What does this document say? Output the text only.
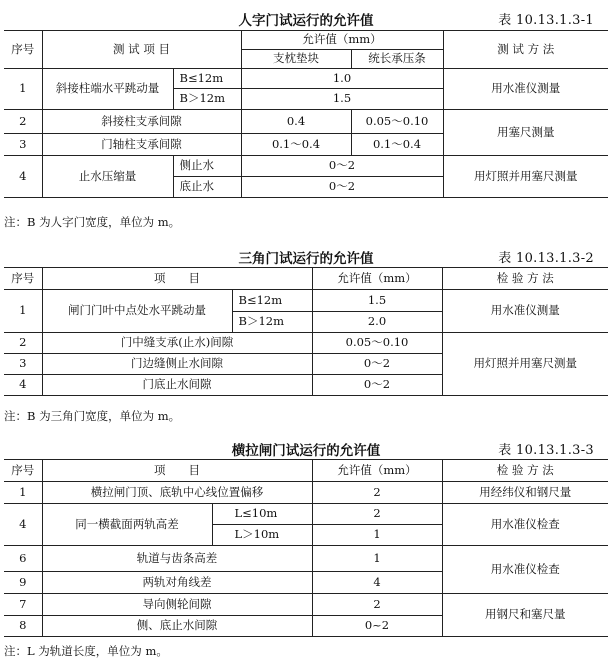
人字门试运行的允许值	表 10.13.1.3-1
序号	测 试 项 目		允许值（mm）		测 试 方 法
			支枕垫块	统长承压条	
1	斜接柱端水平跳动量	B≤12m	1.0		用水准仪测量
		B＞12m	1.5		
2	斜接柱支承间隙		0.4	0.05～0.10	用塞尺测量
3	门轴柱支承间隙		0.1～0.4	0.1～0.4	
4	止水压缩量	侧止水	0～2		用灯照并用塞尺测量
		底止水	0～2		
注：B 为人字门宽度，单位为 m。
三角门试运行的允许值	表 10.13.1.3-2
序号	项　　目		允许值（mm）	检 验 方 法
1	闸门门叶中点处水平跳动量	B≤12m	1.5	用水准仪测量
		B＞12m	2.0	
2	门中缝支承(止水)间隙		0.05～0.10	用灯照并用塞尺测量
3	门边缝侧止水间隙		0～2	
4	门底止水间隙		0～2	
注：B 为三角门宽度，单位为 m。
横拉闸门试运行的允许值	表 10.13.1.3-3
序号	项　　目		允许值（mm）	检 验 方 法
1	横拉闸门顶、底轨中心线位置偏移		2	用经纬仪和钢尺量
4	同一横截面两轨高差	L≤10m	2	用水准仪检查
		L＞10m	1	
6	轨道与齿条高差		1	用水准仪检查
9	两轨对角线差		4	
7	导向侧轮间隙		2	用钢尺和塞尺量
8	侧、底止水间隙		0~2	
注：L 为轨道长度，单位为 m。
